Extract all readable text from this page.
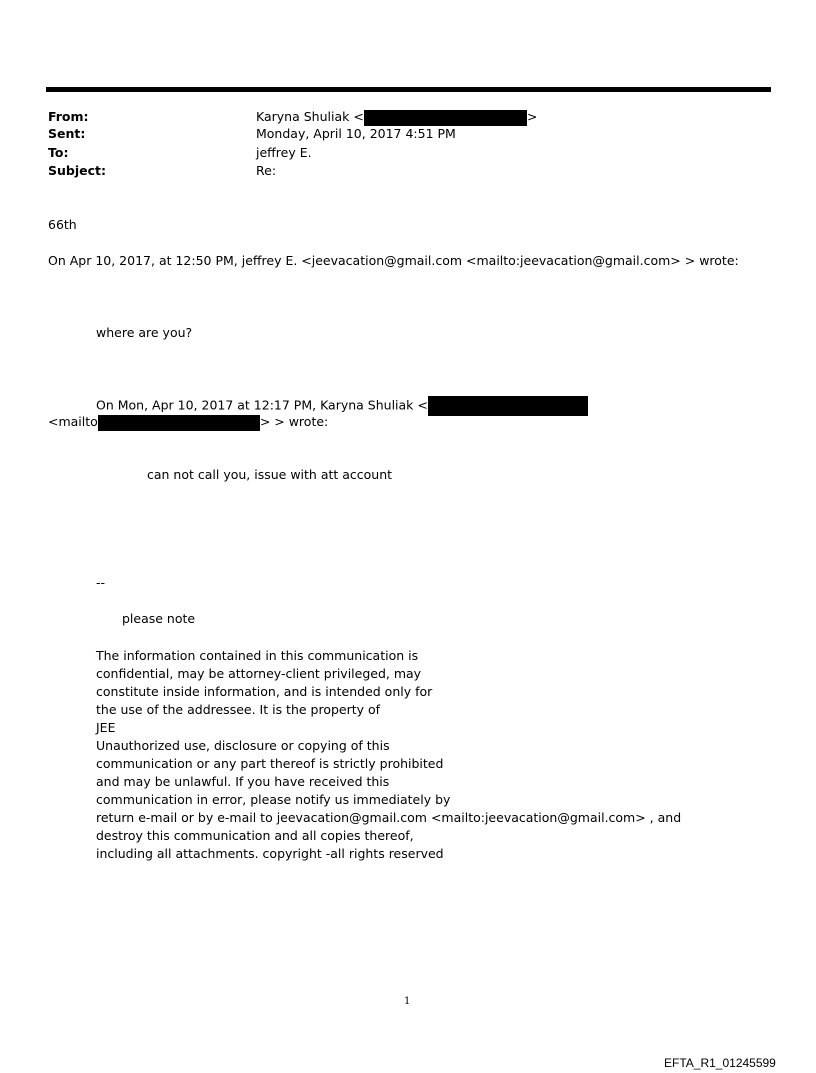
From:	Karyna Shuliak <	>
Sent:	Monday, April 10, 2017 4:51 PM
To:	jeffrey E.
Subject:	Re:
66th
On Apr 10, 2017, at 12:50 PM, jeffrey E. <jeevacation@gmail.com <mailto:jeevacation@gmail.com> > wrote:
where are you?
On Mon, Apr 10, 2017 at 12:17 PM, Karyna Shuliak <
<mailto	> > wrote:
can not call you, issue with att account
--
please note
The information contained in this communication is
confidential, may be attorney-client privileged, may
constitute inside information, and is intended only for
the use of the addressee. It is the property of
JEE
Unauthorized use, disclosure or copying of this
communication or any part thereof is strictly prohibited
and may be unlawful. If you have received this
communication in error, please notify us immediately by
return e-mail or by e-mail to jeevacation@gmail.com <mailto:jeevacation@gmail.com> , and
destroy this communication and all copies thereof,
including all attachments. copyright -all rights reserved
1
EFTA_R1_01245599
